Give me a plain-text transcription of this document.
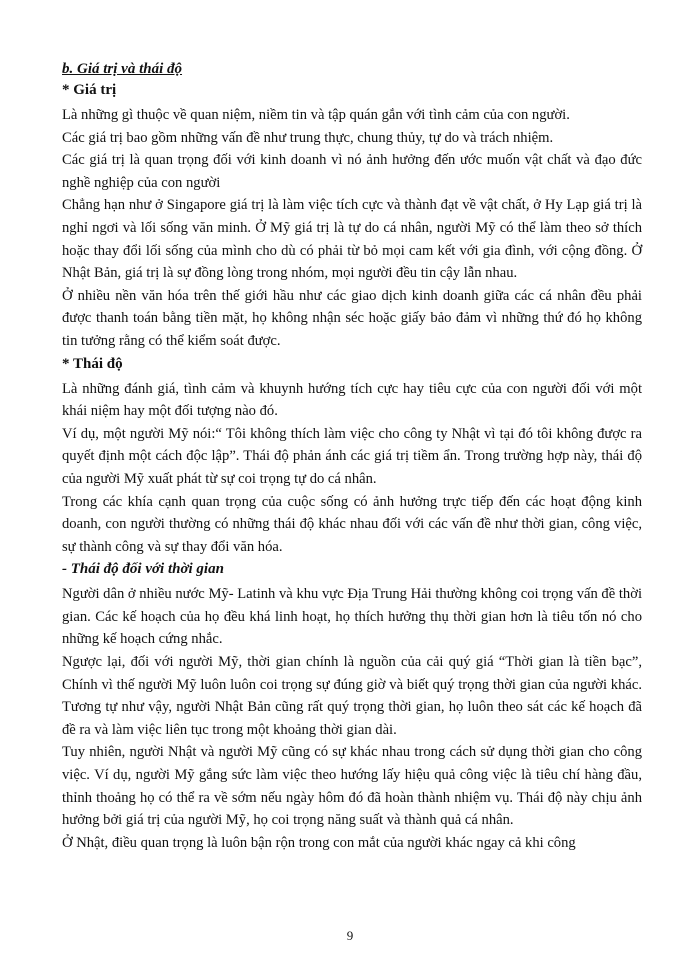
b. Giá trị và thái độ
* Giá trị

Là những gì thuộc về quan niệm, niềm tin và tập quán gắn với tình cảm của con người.

Các giá trị bao gồm những vấn đề như trung thực, chung thủy, tự do và trách nhiệm.

Các giá trị là quan trọng đối với kinh doanh vì nó ảnh hưởng đến ước muốn vật chất và đạo đức nghề nghiệp của con người

Chẳng hạn như ở Singapore giá trị là làm việc tích cực và thành đạt về vật chất, ở Hy Lạp giá trị là nghỉ ngơi và lối sống văn minh. Ở Mỹ giá trị là tự do cá nhân, người Mỹ có thể làm theo sở thích hoặc thay đổi lối sống của mình cho dù có phải từ bỏ mọi cam kết với gia đình, với cộng đồng. Ở Nhật Bản, giá trị là sự đồng lòng trong nhóm, mọi người đều tin cậy lẫn nhau.

Ở nhiều nền văn hóa trên thế giới hầu như các giao dịch kinh doanh giữa các cá nhân đều phải được thanh toán bằng tiền mặt, họ không nhận séc hoặc giấy bảo đảm vì những thứ đó họ không tin tưởng rằng có thể kiểm soát được.

* Thái độ

Là những đánh giá, tình cảm và khuynh hướng tích cực hay tiêu cực của con người đối với một khái niệm hay một đối tượng nào đó.

Ví dụ, một người Mỹ nói:“ Tôi không thích làm việc cho công ty Nhật vì tại đó tôi không được ra quyết định một cách độc lập”. Thái độ phản ánh các giá trị tiềm ẩn. Trong trường hợp này, thái độ của người Mỹ xuất phát từ sự coi trọng tự do cá nhân.

Trong các khía cạnh quan trọng của cuộc sống có ảnh hưởng trực tiếp đến các hoạt động kinh doanh, con người thường có những thái độ khác nhau đối với các vấn đề như thời gian, công việc, sự thành công và sự thay đổi văn hóa.

- Thái độ đối với thời gian

Người dân ở nhiều nước Mỹ- Latinh và khu vực Địa Trung Hải thường không coi trọng vấn đề thời gian. Các kế hoạch của họ đều khá linh hoạt, họ thích hưởng thụ thời gian hơn là tiêu tốn nó cho những kế hoạch cứng nhắc.

Ngược lại, đối với người Mỹ, thời gian chính là nguồn của cải quý giá “Thời gian là tiền bạc”, Chính vì thế người Mỹ luôn luôn coi trọng sự đúng giờ và biết quý trọng thời gian của người khác. Tương tự như vậy, người Nhật Bản cũng rất quý trọng thời gian, họ luôn theo sát các kế hoạch đã đề ra và làm việc liên tục trong một khoảng thời gian dài.

Tuy nhiên, người Nhật và người Mỹ cũng có sự khác nhau trong cách sử dụng thời gian cho công việc. Ví dụ, người Mỹ gắng sức làm việc theo hướng lấy hiệu quả công việc là tiêu chí hàng đầu, thỉnh thoảng họ có thể ra về sớm nếu ngày hôm đó đã hoàn thành nhiệm vụ. Thái độ này chịu ảnh hưởng bởi giá trị của người Mỹ, họ coi trọng năng suất và thành quả cá nhân.

Ở Nhật, điều quan trọng là luôn bận rộn trong con mắt của người khác ngay cả khi công

9
